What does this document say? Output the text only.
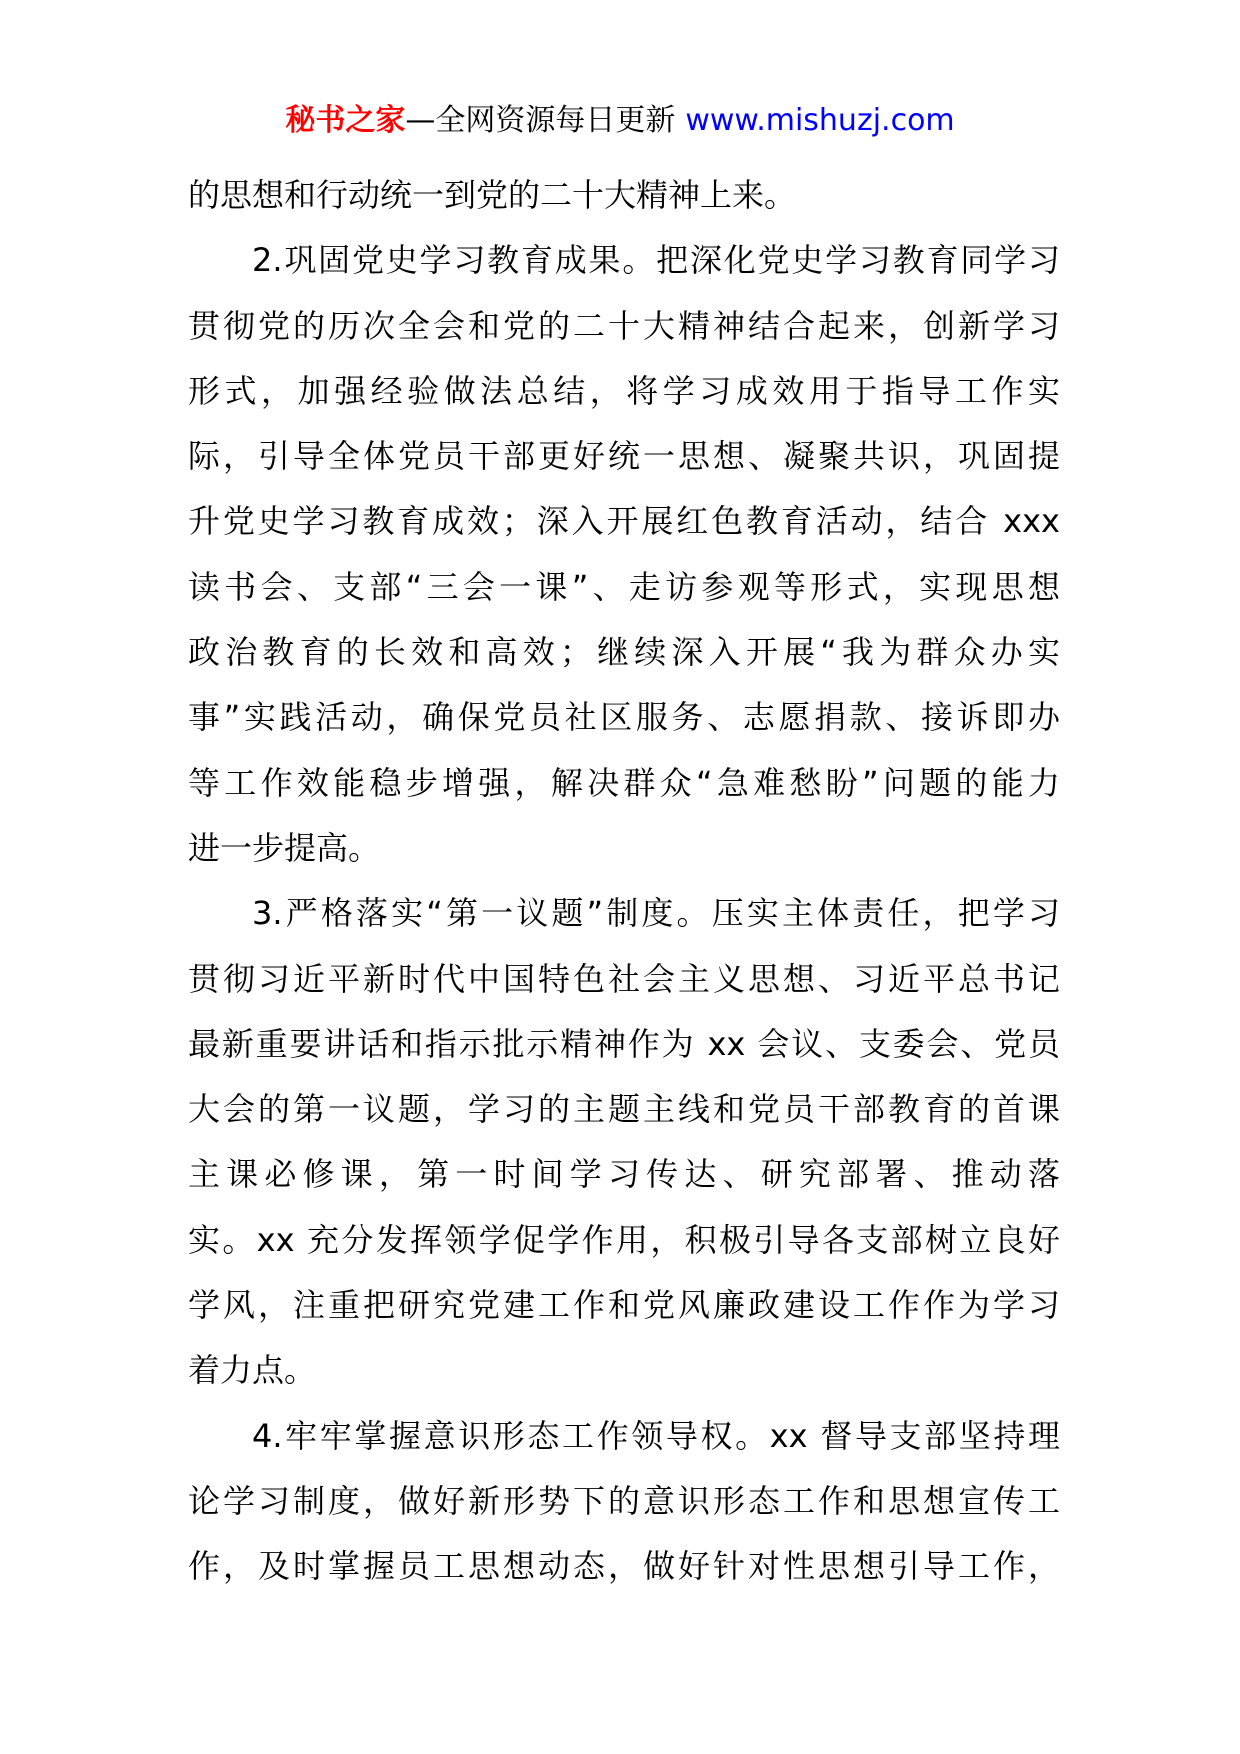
秘书之家—全网资源每日更新 www.mishuzj.com
的思想和行动统一到党的二十大精神上来。
2.巩固党史学习教育成果。把深化党史学习教育同学习
贯彻党的历次全会和党的二十大精神结合起来，创新学习
形式，加强经验做法总结，将学习成效用于指导工作实
际，引导全体党员干部更好统一思想、凝聚共识，巩固提
升党史学习教育成效；深入开展红色教育活动，结合 xxx
读书会、支部“三会一课”、走访参观等形式，实现思想
政治教育的长效和高效；继续深入开展“我为群众办实
事”实践活动，确保党员社区服务、志愿捐款、接诉即办
等工作效能稳步增强，解决群众“急难愁盼”问题的能力
进一步提高。
3.严格落实“第一议题”制度。压实主体责任，把学习
贯彻习近平新时代中国特色社会主义思想、习近平总书记
最新重要讲话和指示批示精神作为 xx 会议、支委会、党员
大会的第一议题，学习的主题主线和党员干部教育的首课
主课必修课，第一时间学习传达、研究部署、推动落
实。xx 充分发挥领学促学作用，积极引导各支部树立良好
学风，注重把研究党建工作和党风廉政建设工作作为学习
着力点。
4.牢牢掌握意识形态工作领导权。xx 督导支部坚持理
论学习制度，做好新形势下的意识形态工作和思想宣传工
作，及时掌握员工思想动态，做好针对性思想引导工作，
